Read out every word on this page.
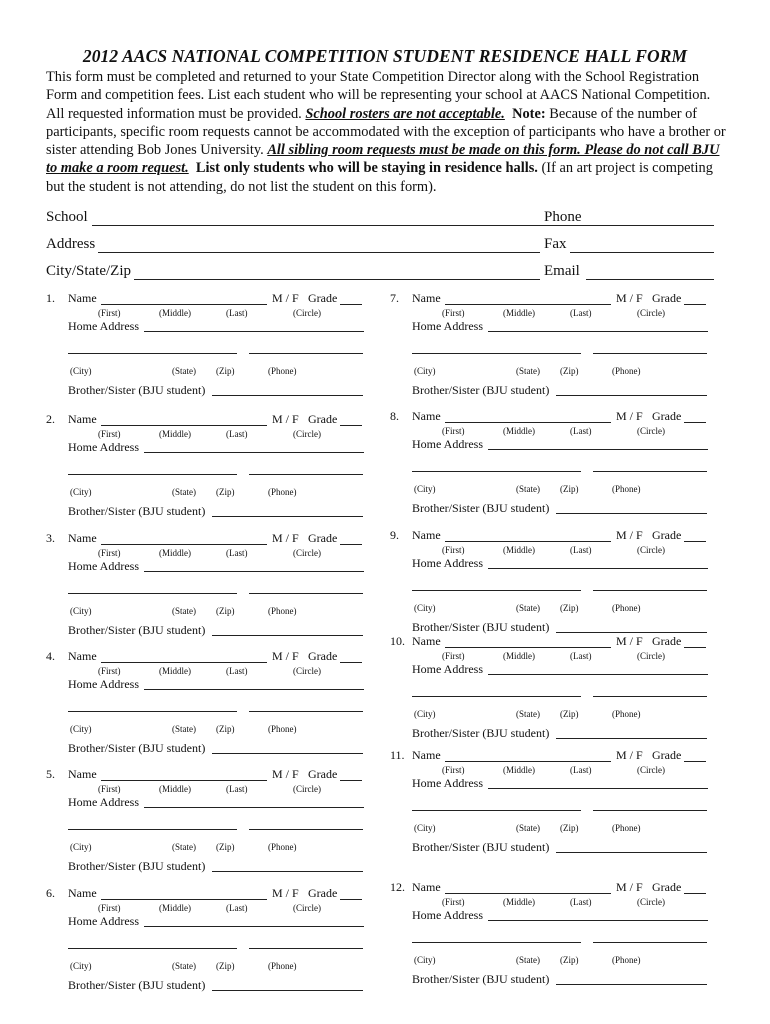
2012 AACS NATIONAL COMPETITION STUDENT RESIDENCE HALL FORM
This form must be completed and returned to your State Competition Director along with the School Registration Form and competition fees. List each student who will be representing your school at AACS National Competition. All requested information must be provided. School rosters are not acceptable. Note: Because of the number of participants, specific room requests cannot be accommodated with the exception of participants who have a brother or sister attending Bob Jones University. All sibling room requests must be made on this form. Please do not call BJU to make a room request. List only students who will be staying in residence halls. (If an art project is competing but the student is not attending, do not list the student on this form).
School	Phone
Address	Fax
City/State/Zip	Email
1. Name	M / F Grade
(First)	(Middle)	(Last)	(Circle)
Home Address
(City)	(State) (Zip)	(Phone)
Brother/Sister (BJU student)
2. Name	M / F Grade
(First)	(Middle)	(Last)	(Circle)
Home Address
(City)	(State) (Zip)	(Phone)
Brother/Sister (BJU student)
3. Name	M / F Grade
(First)	(Middle)	(Last)	(Circle)
Home Address
(City)	(State) (Zip)	(Phone)
Brother/Sister (BJU student)
4. Name	M / F Grade
(First)	(Middle)	(Last)	(Circle)
Home Address
(City)	(State) (Zip)	(Phone)
Brother/Sister (BJU student)
5. Name	M / F Grade
(First)	(Middle)	(Last)	(Circle)
Home Address
(City)	(State) (Zip)	(Phone)
Brother/Sister (BJU student)
6. Name	M / F Grade
(First)	(Middle)	(Last)	(Circle)
Home Address
(City)	(State) (Zip)	(Phone)
Brother/Sister (BJU student)
7. Name	M / F Grade
(First)	(Middle)	(Last)	(Circle)
Home Address
(City)	(State) (Zip)	(Phone)
Brother/Sister (BJU student)
8. Name	M / F Grade
(First)	(Middle)	(Last)	(Circle)
Home Address
(City)	(State) (Zip)	(Phone)
Brother/Sister (BJU student)
9. Name	M / F Grade
(First)	(Middle)	(Last)	(Circle)
Home Address
(City)	(State) (Zip)	(Phone)
Brother/Sister (BJU student)
10. Name	M / F Grade
(First)	(Middle)	(Last)	(Circle)
Home Address
(City)	(State) (Zip)	(Phone)
Brother/Sister (BJU student)
11. Name	M / F Grade
(First)	(Middle)	(Last)	(Circle)
Home Address
(City)	(State) (Zip)	(Phone)
Brother/Sister (BJU student)
12. Name	M / F Grade
(First)	(Middle)	(Last)	(Circle)
Home Address
(City)	(State) (Zip)	(Phone)
Brother/Sister (BJU student)
